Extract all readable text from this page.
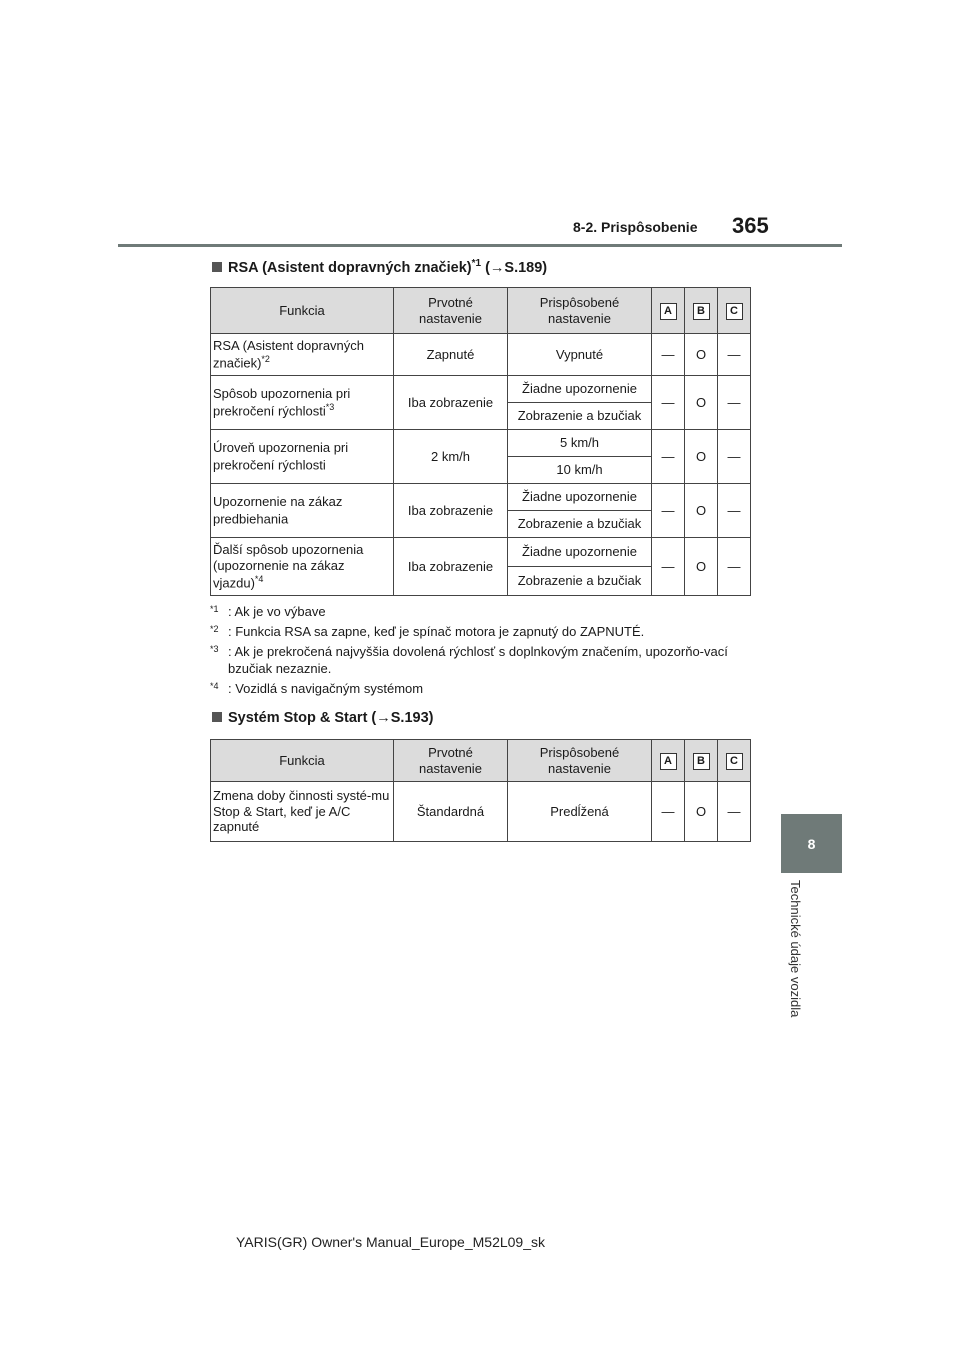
8-2. Prispôsobenie 365
8
Technické údaje vozidla
RSA (Asistent dopravných značiek)$^{*1}$ (→S.189)
Funkcia	Prvotné nastavenie	Prispôsobené nastavenie	A	B	C
RSA (Asistent dopravných značiek)$^{*2}$	Zapnuté	Vypnuté	—	O	—
Spôsob upozornenia pri prekročení rýchlosti$^{*3}$	Iba zobrazenie	Žiadne upozornenie	—	O	—
		Zobrazenie a bzučiak			
Úroveň upozornenia pri prekročení rýchlosti	2 km/h	5 km/h	—	O	—
		10 km/h			
Upozornenie na zákaz predbiehania	Iba zobrazenie	Žiadne upozornenie	—	O	—
		Zobrazenie a bzučiak			
Ďalší spôsob upozornenia (upozornenie na zákaz vjazdu)$^{*4}$	Iba zobrazenie	Žiadne upozornenie	—	O	—
		Zobrazenie a bzučiak			
*1 : Ak je vo výbave
*2 : Funkcia RSA sa zapne, keď je spínač motora je zapnutý do ZAPNUTÉ.
*3 : Ak je prekročená najvyššia dovolená rýchlosť s doplnkovým značením, upozorňo-vací bzučiak nezaznie.
*4 : Vozidlá s navigačným systémom
Systém Stop & Start (→S.193)
Funkcia	Prvotné nastavenie	Prispôsobené nastavenie	A	B	C
Zmena doby činnosti systé-mu Stop & Start, keď je A/C zapnuté	Štandardná	Predĺžená	—	O	—
YARIS(GR) Owner's Manual_Europe_M52L09_sk
